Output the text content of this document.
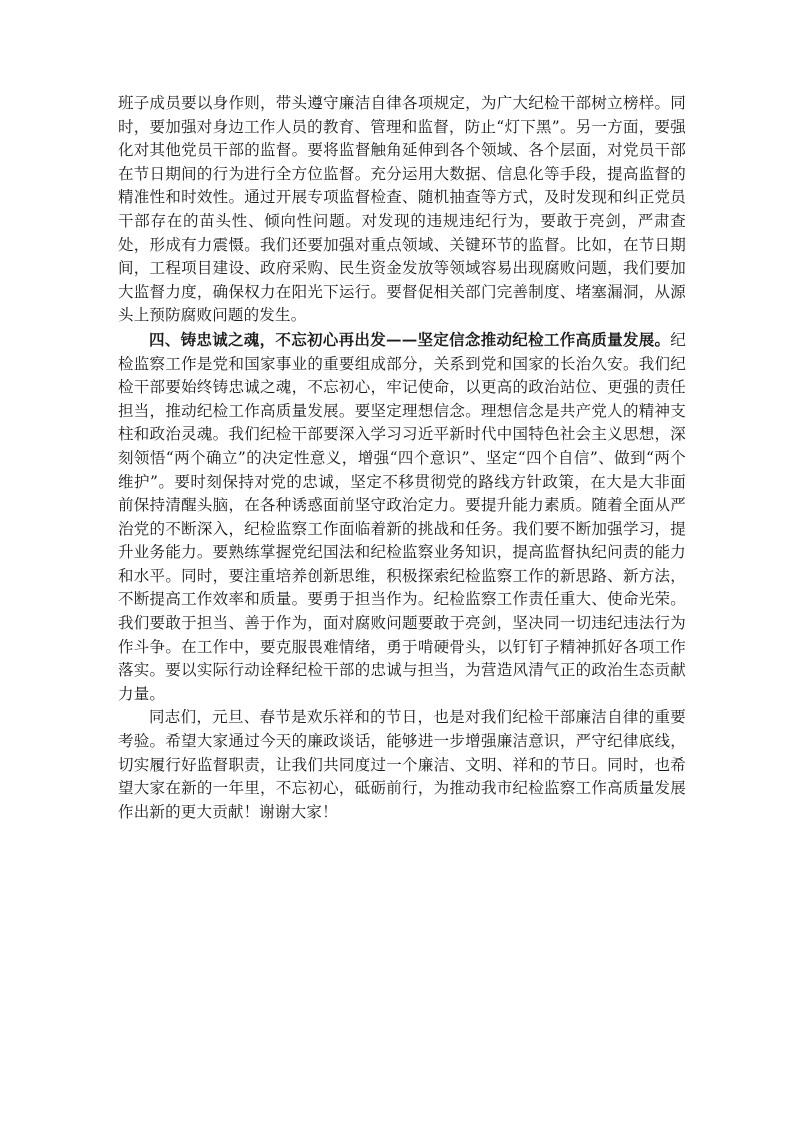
班子成员要以身作则，带头遵守廉洁自律各项规定，为广大纪检干部树立榜样。同时，要加强对身边工作人员的教育、管理和监督，防止“灯下黑”。另一方面，要强化对其他党员干部的监督。要将监督触角延伸到各个领域、各个层面，对党员干部在节日期间的行为进行全方位监督。充分运用大数据、信息化等手段，提高监督的精准性和时效性。通过开展专项监督检查、随机抽查等方式，及时发现和纠正党员干部存在的苗头性、倾向性问题。对发现的违规违纪行为，要敢于亮剑，严肃查处，形成有力震慑。我们还要加强对重点领域、关键环节的监督。比如，在节日期间，工程项目建设、政府采购、民生资金发放等领域容易出现腐败问题，我们要加大监督力度，确保权力在阳光下运行。要督促相关部门完善制度、堵塞漏洞，从源头上预防腐败问题的发生。

四、铸忠诚之魂，不忘初心再出发——坚定信念推动纪检工作高质量发展。纪检监察工作是党和国家事业的重要组成部分，关系到党和国家的长治久安。我们纪检干部要始终铸忠诚之魂，不忘初心，牢记使命，以更高的政治站位、更强的责任担当，推动纪检工作高质量发展。要坚定理想信念。理想信念是共产党人的精神支柱和政治灵魂。我们纪检干部要深入学习习近平新时代中国特色社会主义思想，深刻领悟“两个确立”的决定性意义，增强“四个意识”、坚定“四个自信”、做到“两个维护”。要时刻保持对党的忠诚，坚定不移贯彻党的路线方针政策，在大是大非面前保持清醒头脑，在各种诱惑面前坚守政治定力。要提升能力素质。随着全面从严治党的不断深入，纪检监察工作面临着新的挑战和任务。我们要不断加强学习，提升业务能力。要熟练掌握党纪国法和纪检监察业务知识，提高监督执纪问责的能力和水平。同时，要注重培养创新思维，积极探索纪检监察工作的新思路、新方法，不断提高工作效率和质量。要勇于担当作为。纪检监察工作责任重大、使命光荣。我们要敢于担当、善于作为，面对腐败问题要敢于亮剑，坚决同一切违纪违法行为作斗争。在工作中，要克服畏难情绪，勇于啃硬骨头，以钉钉子精神抓好各项工作落实。要以实际行动诠释纪检干部的忠诚与担当，为营造风清气正的政治生态贡献力量。

同志们，元旦、春节是欢乐祥和的节日，也是对我们纪检干部廉洁自律的重要考验。希望大家通过今天的廉政谈话，能够进一步增强廉洁意识，严守纪律底线，切实履行好监督职责，让我们共同度过一个廉洁、文明、祥和的节日。同时，也希望大家在新的一年里，不忘初心，砥砺前行，为推动我市纪检监察工作高质量发展作出新的更大贡献！谢谢大家！
